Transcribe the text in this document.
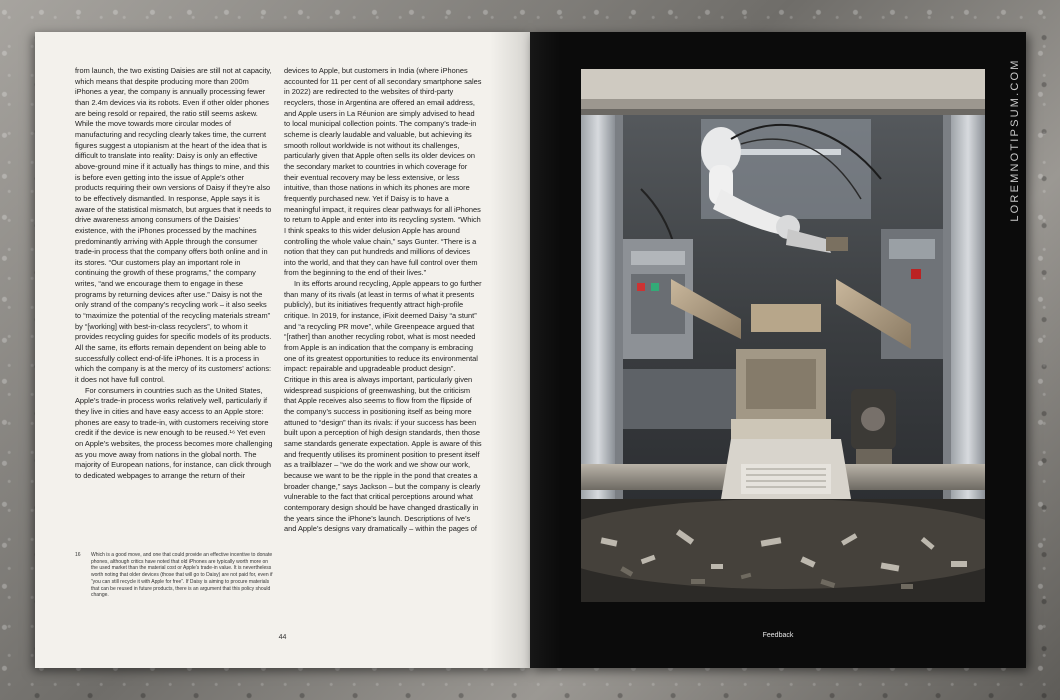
from launch, the two existing Daisies are still not at capacity, which means that despite producing more than 200m iPhones a year, the company is annually processing fewer than 2.4m devices via its robots. Even if other older phones are being resold or repaired, the ratio still seems askew. While the move towards more circular modes of manufacturing and recycling clearly takes time, the current figures suggest a utopianism at the heart of the idea that is difficult to translate into reality: Daisy is only an effective above-ground mine if it actually has things to mine, and this is before even getting into the issue of Apple’s other products requiring their own versions of Daisy if they’re also to be effectively dismantled. In response, Apple says it is aware of the statistical mismatch, but argues that it needs to drive awareness among consumers of the Daisies’ existence, with the iPhones processed by the machines predominantly arriving with Apple through the consumer trade-in process that the company offers both online and in its stores. “Our customers play an important role in continuing the growth of these programs,” the company writes, “and we encourage them to engage in these programs by returning devices after use.” Daisy is not the only strand of the company’s recycling work – it also seeks to “maximize the potential of the recycling materials stream” by “[working] with best-in-class recyclers”, to whom it provides recycling guides for specific models of its products. All the same, its efforts remain dependent on being able to successfully collect end-of-life iPhones. It is a process in which the company is at the mercy of its customers’ actions: it does not have full control.

For consumers in countries such as the United States, Apple’s trade-in process works relatively well, particularly if they live in cities and have easy access to an Apple store: phones are easy to trade-in, with customers receiving store credit if the device is new enough to be reused.¹⁶ Yet even on Apple’s websites, the process becomes more challenging as you move away from nations in the global north. The majority of European nations, for instance, can click through to dedicated webpages to arrange the return of their

devices to Apple, but customers in India (where iPhones accounted for 11 per cent of all secondary smartphone sales in 2022) are redirected to the websites of third-party recyclers, those in Argentina are offered an email address, and Apple users in La Réunion are simply advised to head to local municipal collection points. The company’s trade-in scheme is clearly laudable and valuable, but achieving its smooth rollout worldwide is not without its challenges, particularly given that Apple often sells its older devices on the secondary market to countries in which coverage for their eventual recovery may be less extensive, or less intuitive, than those nations in which its phones are more frequently purchased new. Yet if Daisy is to have a meaningful impact, it requires clear pathways for all iPhones to return to Apple and enter into its recycling system. “Which I think speaks to this wider delusion Apple has around controlling the whole value chain,” says Gunter. “There is a notion that they can put hundreds and millions of devices into the world, and that they can have full control over them from the beginning to the end of their lives.”

In its efforts around recycling, Apple appears to go further than many of its rivals (at least in terms of what it presents publicly), but its initiatives frequently attract high-profile critique. In 2019, for instance, iFixit deemed Daisy “a stunt” and “a recycling PR move”, while Greenpeace argued that “[rather] than another recycling robot, what is most needed from Apple is an indication that the company is embracing one of its greatest opportunities to reduce its environmental impact: repairable and upgradeable product design”. Critique in this area is always important, particularly given widespread suspicions of greenwashing, but the criticism that Apple receives also seems to flow from the flipside of the company’s success in positioning itself as being more attuned to “design” than its rivals: if your success has been built upon a perception of high design standards, then those same standards generate expectation. Apple is aware of this and frequently utilises its prominent position to present itself as a trailblazer – “we do the work and we show our work, because we want to be the ripple in the pond that creates a broader change,” says Jackson – but the company is clearly vulnerable to the fact that critical perceptions around what contemporary design should be have changed drastically in the years since the iPhone’s launch. Descriptions of Ive’s and Apple’s designs vary dramatically – within the pages of

16 Which is a good move, and one that could provide an effective incentive to donate phones, although critics have noted that old iPhones are typically worth more on the used market than the material cost or Apple’s trade-in value. It is nevertheless worth noting that older devices (those that will go to Daisy) are not paid for, even if “you can still recycle it with Apple for free”. If Daisy is aiming to procure materials that can be reused in future products, there is an argument that this policy should change.
44	Feedback
LOREMNOTIPSUM.COM
